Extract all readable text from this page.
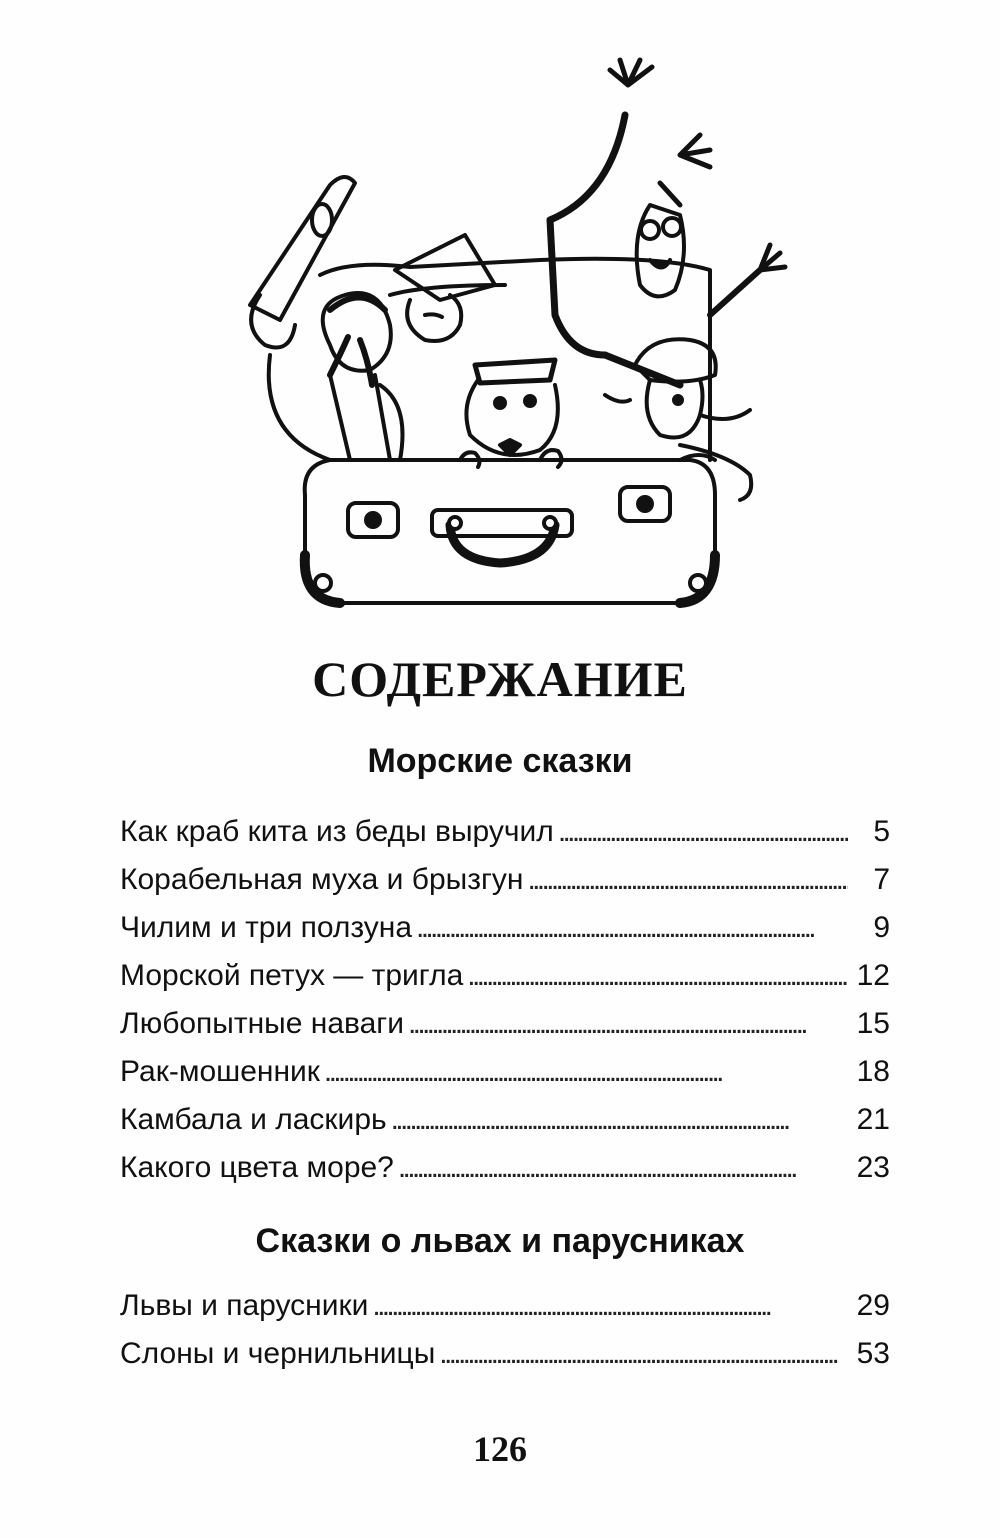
СОДЕРЖАНИЕ
Морские сказки
Как краб кита из беды выручил . . .	5
Корабельная муха и брызгун . . .	7
Чилим и три ползуна . . .	9
Морской петух — тригла . . .	12
Любопытные наваги . . .	15
Рак-мошенник . . .	18
Камбала и ласкирь . . .	21
Какого цвета море? . . .	23
Сказки о львах и парусниках
Львы и парусники . . .	29
Слоны и чернильницы . . .	53
126
